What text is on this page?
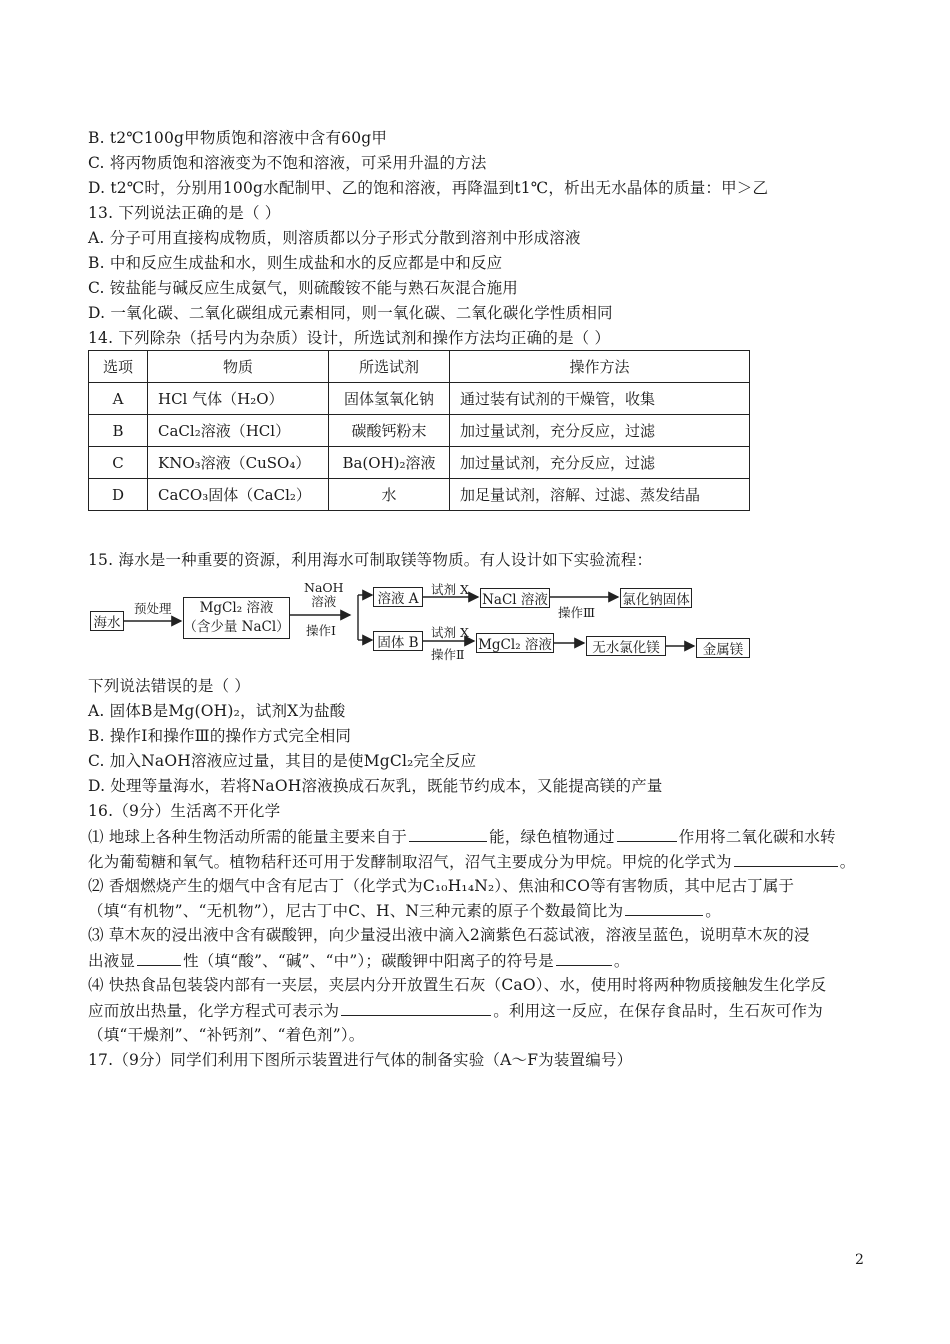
B. t2℃100g甲物质饱和溶液中含有60g甲
C. 将丙物质饱和溶液变为不饱和溶液，可采用升温的方法
D. t2℃时，分别用100g水配制甲、乙的饱和溶液，再降温到t1℃，析出无水晶体的质量：甲＞乙
13. 下列说法正确的是（ ）
A. 分子可用直接构成物质，则溶质都以分子形式分散到溶剂中形成溶液
B. 中和反应生成盐和水，则生成盐和水的反应都是中和反应
C. 铵盐能与碱反应生成氨气，则硫酸铵不能与熟石灰混合施用
D. 一氧化碳、二氧化碳组成元素相同，则一氧化碳、二氧化碳化学性质相同
14. 下列除杂（括号内为杂质）设计，所选试剂和操作方法均正确的是（ ）
选项	物质	所选试剂	操作方法
A	HCl 气体（H₂O）	固体氢氧化钠	通过装有试剂的干燥管，收集
B	CaCl₂溶液（HCl）	碳酸钙粉末	加过量试剂，充分反应，过滤
C	KNO₃溶液（CuSO₄）	Ba(OH)₂溶液	加过量试剂，充分反应，过滤
D	CaCO₃固体（CaCl₂）	水	加足量试剂，溶解、过滤、蒸发结晶
15. 海水是一种重要的资源，利用海水可制取镁等物质。有人设计如下实验流程：
海水
预处理 MgCl₂ 溶液
（含少量 NaCl）
NaOH
溶液
操作Ⅰ
溶液 A
试剂 X
NaCl 溶液
操作Ⅲ
氯化钠固体
固体 B
试剂 X
操作Ⅱ
MgCl₂ 溶液	无水氯化镁	金属镁
下列说法错误的是（ ）
A. 固体B是Mg(OH)₂，试剂X为盐酸
B. 操作Ⅰ和操作Ⅲ的操作方式完全相同
C. 加入NaOH溶液应过量，其目的是使MgCl₂完全反应
D. 处理等量海水，若将NaOH溶液换成石灰乳，既能节约成本，又能提高镁的产量
16.（9分）生活离不开化学
⑴ 地球上各种生物活动所需的能量主要来自于	能，绿色植物通过	作用将二氧化碳和水转
化为葡萄糖和氧气。植物秸秆还可用于发酵制取沼气，沼气主要成分为甲烷。甲烷的化学式为	。
⑵ 香烟燃烧产生的烟气中含有尼古丁（化学式为C₁₀H₁₄N₂）、焦油和CO等有害物质，其中尼古丁属于
（填“有机物”、“无机物”），尼古丁中C、H、N三种元素的原子个数最简比为	。
⑶ 草木灰的浸出液中含有碳酸钾，向少量浸出液中滴入2滴紫色石蕊试液，溶液呈蓝色，说明草木灰的浸
出液显	性（填“酸”、“碱”、“中”）；碳酸钾中阳离子的符号是	。
⑷ 快热食品包装袋内部有一夹层，夹层内分开放置生石灰（CaO）、水，使用时将两种物质接触发生化学反
应而放出热量，化学方程式可表示为	。利用这一反应，在保存食品时，生石灰可作为
（填“干燥剂”、“补钙剂”、“着色剂”）。
17.（9分）同学们利用下图所示装置进行气体的制备实验（A～F为装置编号）
2
